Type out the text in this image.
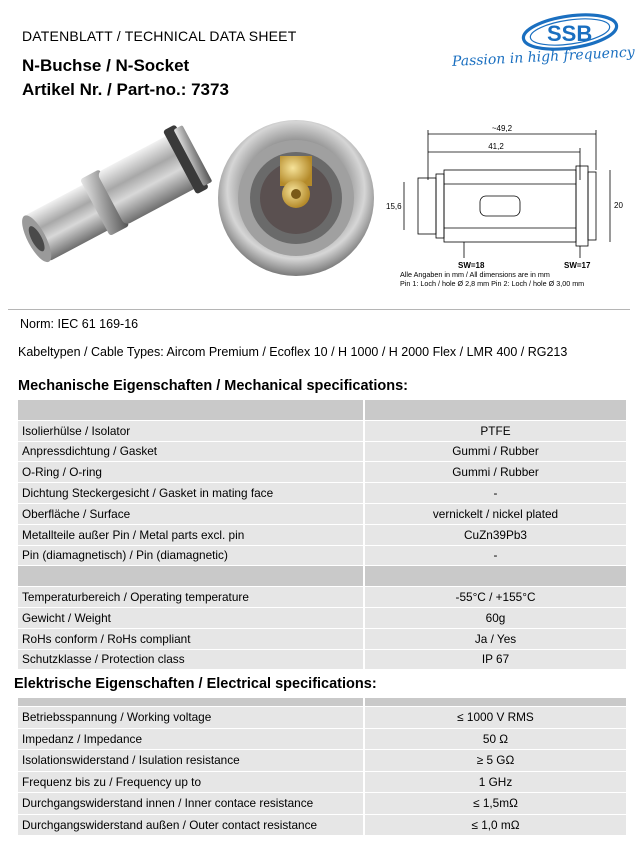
DATENBLATT / TECHNICAL DATA SHEET
N-Buchse / N-Socket
Artikel Nr. / Part-no.: 7373
SSB
Passion in high frequency
~49,2
41,2
15,6	20
SW=18	SW=17
Alle Angaben in mm / All dimensions are in mm
Pin 1: Loch / hole Ø 2,8 mm Pin 2: Loch / hole Ø 3,00 mm
Norm: IEC 61 169-16
Kabeltypen / Cable Types: Aircom Premium / Ecoflex 10 / H 1000 / H 2000 Flex / LMR 400 / RG213
Mechanische Eigenschaften / Mechanical specifications:

Isolierhülse / Isolator	PTFE
Anpressdichtung / Gasket	Gummi / Rubber
O-Ring / O-ring	Gummi / Rubber
Dichtung Steckergesicht / Gasket in mating face	-
Oberfläche / Surface	vernickelt / nickel plated
Metallteile außer Pin / Metal parts excl. pin	CuZn39Pb3
Pin (diamagnetisch) / Pin (diamagnetic)	-

Temperaturbereich / Operating temperature	-55°C / +155°C
Gewicht / Weight	60g
RoHs conform / RoHs compliant	Ja / Yes
Schutzklasse / Protection class	IP 67
Elektrische Eigenschaften / Electrical specifications:

Betriebsspannung / Working voltage	≤ 1000 V RMS
Impedanz / Impedance	50 Ω
Isolationswiderstand / Isulation resistance	≥ 5 GΩ
Frequenz bis zu / Frequency up to	1 GHz
Durchgangswiderstand innen / Inner contace resistance	≤ 1,5mΩ
Durchgangswiderstand außen / Outer contact resistance	≤ 1,0 mΩ
